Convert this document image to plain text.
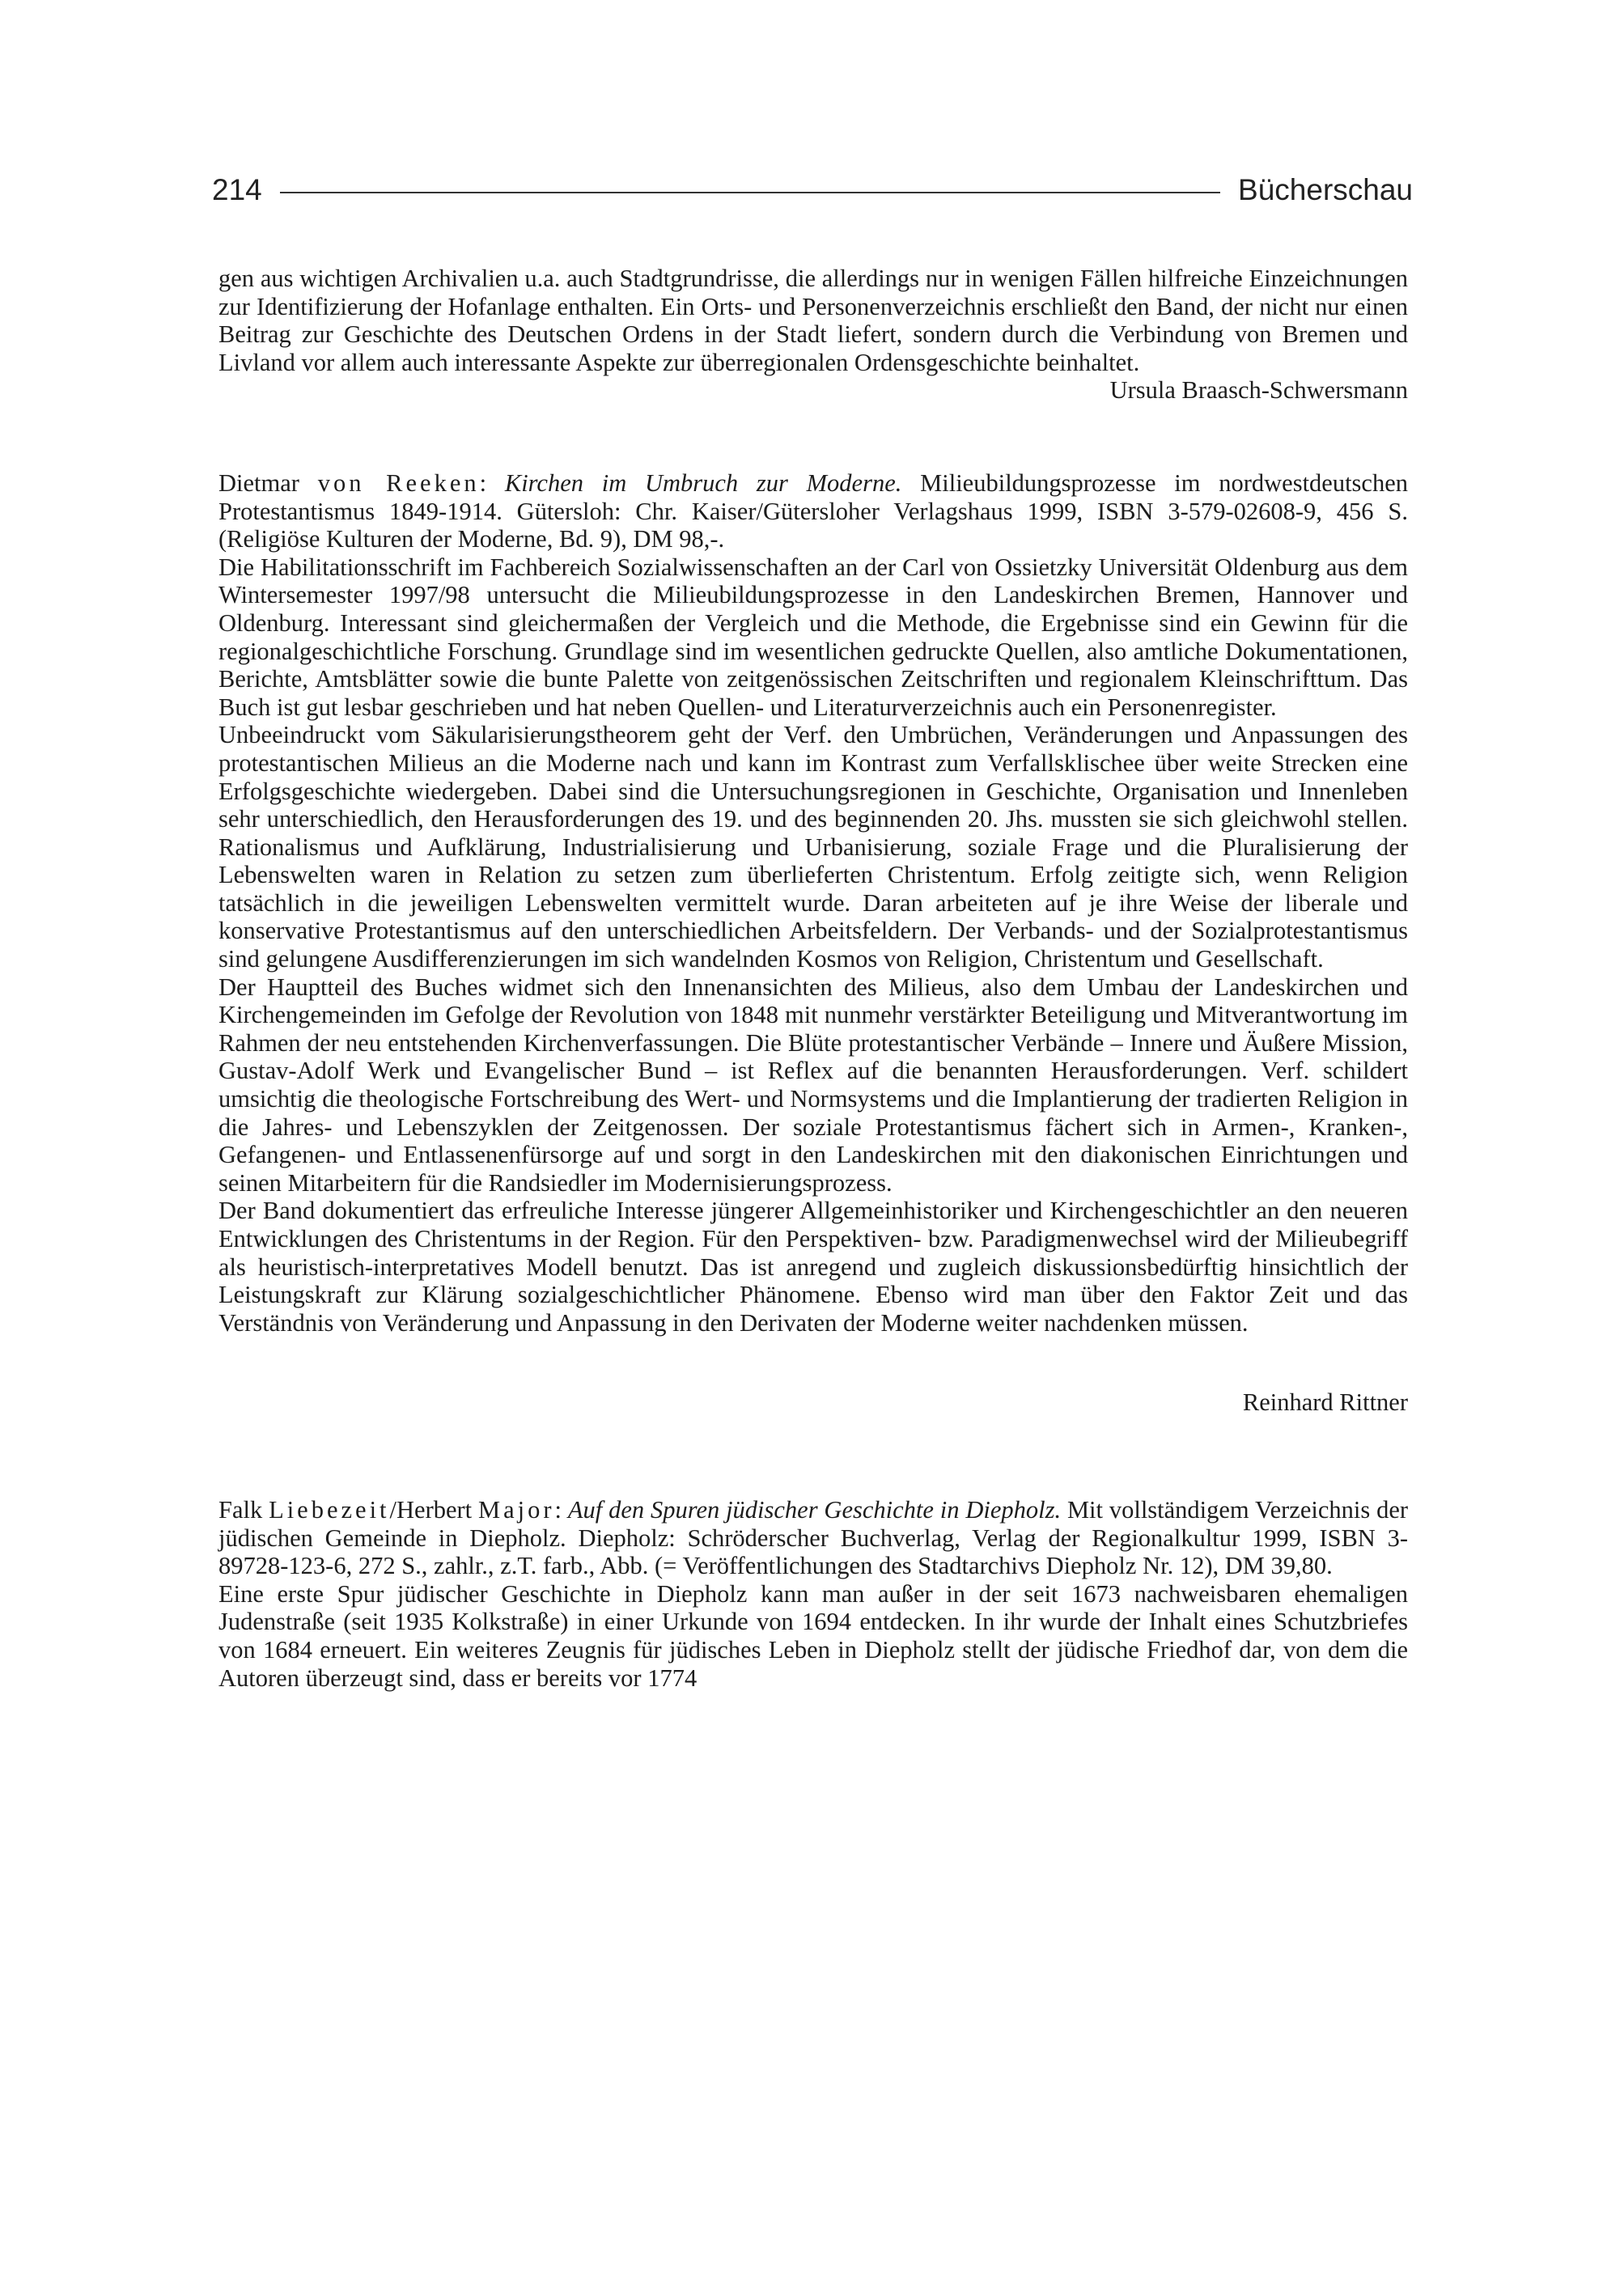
214	Bücherschau

gen aus wichtigen Archivalien u.a. auch Stadtgrundrisse, die allerdings nur in wenigen Fällen hilfreiche Einzeichnungen zur Identifizierung der Hofanlage enthalten. Ein Orts- und Personenverzeichnis erschließt den Band, der nicht nur einen Beitrag zur Geschichte des Deutschen Ordens in der Stadt liefert, sondern durch die Verbindung von Bremen und Livland vor allem auch interessante Aspekte zur überregionalen Ordensgeschichte beinhaltet.

Ursula Braasch-Schwersmann

Dietmar von Reeken: Kirchen im Umbruch zur Moderne. Milieubildungsprozesse im nordwestdeutschen Protestantismus 1849-1914. Gütersloh: Chr. Kaiser/Gütersloher Verlagshaus 1999, ISBN 3-579-02608-9, 456 S. (Religiöse Kulturen der Moderne, Bd. 9), DM 98,-.

Die Habilitationsschrift im Fachbereich Sozialwissenschaften an der Carl von Ossietzky Universität Oldenburg aus dem Wintersemester 1997/98 untersucht die Milieubildungsprozesse in den Landeskirchen Bremen, Hannover und Oldenburg. Interessant sind gleichermaßen der Vergleich und die Methode, die Ergebnisse sind ein Gewinn für die regionalgeschichtliche Forschung. Grundlage sind im wesentlichen gedruckte Quellen, also amtliche Dokumentationen, Berichte, Amtsblätter sowie die bunte Palette von zeitgenössischen Zeitschriften und regionalem Kleinschrifttum. Das Buch ist gut lesbar geschrieben und hat neben Quellen- und Literaturverzeichnis auch ein Personenregister.

Unbeeindruckt vom Säkularisierungstheorem geht der Verf. den Umbrüchen, Veränderungen und Anpassungen des protestantischen Milieus an die Moderne nach und kann im Kontrast zum Verfallsklischee über weite Strecken eine Erfolgsgeschichte wiedergeben. Dabei sind die Untersuchungsregionen in Geschichte, Organisation und Innenleben sehr unterschiedlich, den Herausforderungen des 19. und des beginnenden 20. Jhs. mussten sie sich gleichwohl stellen. Rationalismus und Aufklärung, Industrialisierung und Urbanisierung, soziale Frage und die Pluralisierung der Lebenswelten waren in Relation zu setzen zum überlieferten Christentum. Erfolg zeitigte sich, wenn Religion tatsächlich in die jeweiligen Lebenswelten vermittelt wurde. Daran arbeiteten auf je ihre Weise der liberale und konservative Protestantismus auf den unterschiedlichen Arbeitsfeldern. Der Verbands- und der Sozialprotestantismus sind gelungene Ausdifferenzierungen im sich wandelnden Kosmos von Religion, Christentum und Gesellschaft.

Der Hauptteil des Buches widmet sich den Innenansichten des Milieus, also dem Umbau der Landeskirchen und Kirchengemeinden im Gefolge der Revolution von 1848 mit nunmehr verstärkter Beteiligung und Mitverantwortung im Rahmen der neu entstehenden Kirchenverfassungen. Die Blüte protestantischer Verbände – Innere und Äußere Mission, Gustav-Adolf Werk und Evangelischer Bund – ist Reflex auf die benannten Herausforderungen. Verf. schildert umsichtig die theologische Fortschreibung des Wert- und Normsystems und die Implantierung der tradierten Religion in die Jahres- und Lebenszyklen der Zeitgenossen. Der soziale Protestantismus fächert sich in Armen-, Kranken-, Gefangenen- und Entlassenenfürsorge auf und sorgt in den Landeskirchen mit den diakonischen Einrichtungen und seinen Mitarbeitern für die Randsiedler im Modernisierungsprozess.

Der Band dokumentiert das erfreuliche Interesse jüngerer Allgemeinhistoriker und Kirchengeschichtler an den neueren Entwicklungen des Christentums in der Region. Für den Perspektiven- bzw. Paradigmenwechsel wird der Milieubegriff als heuristisch-interpretatives Modell benutzt. Das ist anregend und zugleich diskussionsbedürftig hinsichtlich der Leistungskraft zur Klärung sozialgeschichtlicher Phänomene. Ebenso wird man über den Faktor Zeit und das Verständnis von Veränderung und Anpassung in den Derivaten der Moderne weiter nachdenken müssen.

Reinhard Rittner

Falk Liebezeit/Herbert Major: Auf den Spuren jüdischer Geschichte in Diepholz. Mit vollständigem Verzeichnis der jüdischen Gemeinde in Diepholz. Diepholz: Schröderscher Buchverlag, Verlag der Regionalkultur 1999, ISBN 3-89728-123-6, 272 S., zahlr., z.T. farb., Abb. (= Veröffentlichungen des Stadtarchivs Diepholz Nr. 12), DM 39,80.

Eine erste Spur jüdischer Geschichte in Diepholz kann man außer in der seit 1673 nachweisbaren ehemaligen Judenstraße (seit 1935 Kolkstraße) in einer Urkunde von 1694 entdecken. In ihr wurde der Inhalt eines Schutzbriefes von 1684 erneuert. Ein weiteres Zeugnis für jüdisches Leben in Diepholz stellt der jüdische Friedhof dar, von dem die Autoren überzeugt sind, dass er bereits vor 1774
